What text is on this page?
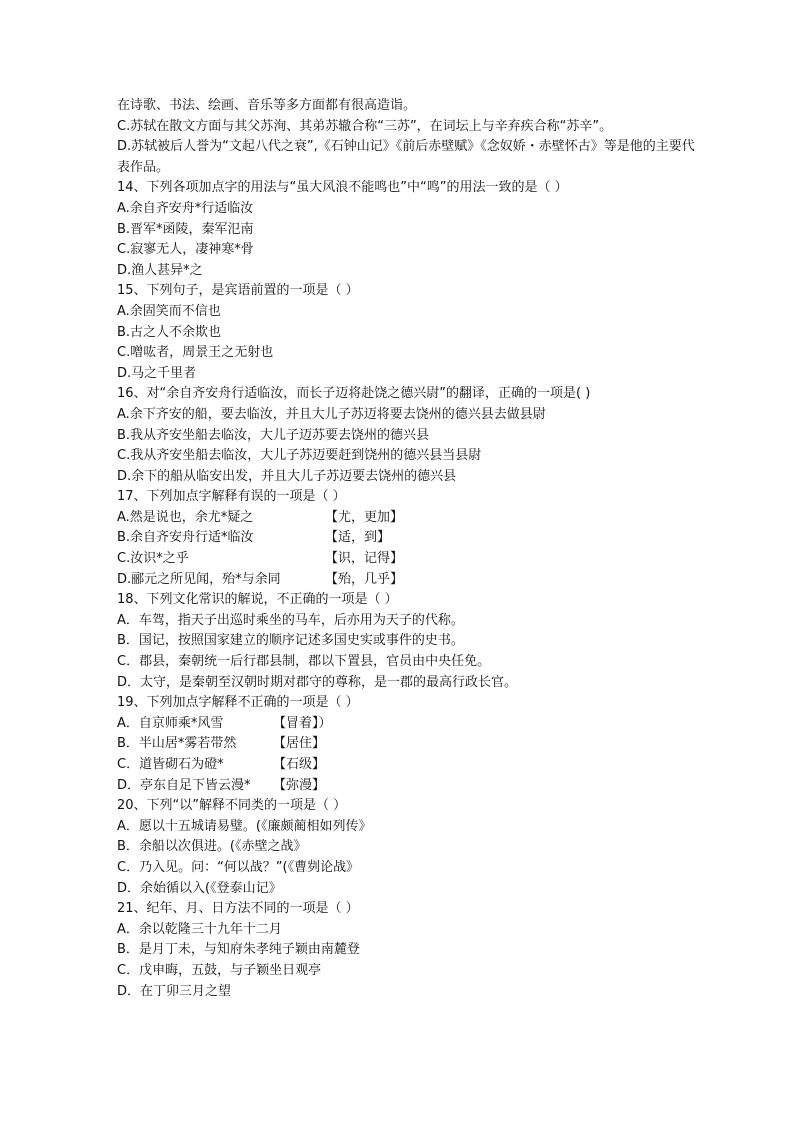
在诗歌、书法、绘画、音乐等多方面都有很高造诣。
C.苏轼在散文方面与其父苏洵、其弟苏辙合称“三苏”，在词坛上与辛弃疾合称“苏辛”。
D.苏轼被后人誉为“文起八代之衰”,《石钟山记》《前后赤壁赋》《念奴娇・赤壁怀古》等是他的主要代表作品。
14、下列各项加点字的用法与“虽大风浪不能鸣也”中“鸣”的用法一致的是（ ）
A.余自齐安舟*行适临汝
B.晋军*函陵，秦军氾南
C.寂寥无人，凄神寒*骨
D.渔人甚异*之
15、下列句子，是宾语前置的一项是（ ）
A.余固笑而不信也
B.古之人不余欺也
C.噌吰者，周景王之无射也
D.马之千里者
16、对“余自齐安舟行适临汝，而长子迈将赴饶之德兴尉”的翻译，正确的一项是( )
A.余下齐安的船，要去临汝，并且大儿子苏迈将要去饶州的德兴县去做县尉
B.我从齐安坐船去临汝，大儿子迈苏要去饶州的德兴县
C.我从齐安坐船去临汝，大儿子苏迈要赶到饶州的德兴县当县尉
D.余下的船从临安出发，并且大儿子苏迈要去饶州的德兴县
17、下列加点字解释有误的一项是（ ）
A.然是说也，余尤*疑之	【尤，更加】
B.余自齐安舟行适*临汝	【适，到】
C.汝识*之乎	【识，记得】
D.郦元之所见闻，殆*与余同	【殆，几乎】
18、下列文化常识的解说，不正确的一项是（ ）
A．车驾，指天子出巡时乘坐的马车，后亦用为天子的代称。
B．国记，按照国家建立的顺序记述多国史实或事件的史书。
C．郡县，秦朝统一后行郡县制，郡以下置县，官员由中央任免。
D．太守，是秦朝至汉朝时期对郡守的尊称，是一郡的最高行政长官。
19、下列加点字解释不正确的一项是（ ）
A．自京师乘*风雪	【冒着】）
B．半山居*雾若带然	【居住】
C．道皆砌石为磴*	【石级】
D．亭东自足下皆云漫*	【弥漫】
20、下列“以”解释不同类的一项是（ ）
A．愿以十五城请易璧。(《廉颇蔺相如列传》
B．余船以次俱进。(《赤壁之战》
C．乃入见。问：“何以战？”(《曹刿论战》
D．余始循以入(《登泰山记》
21、纪年、月、日方法不同的一项是（ ）
A．余以乾隆三十九年十二月
B．是月丁未，与知府朱孝纯子颖由南麓登
C．戊申晦，五鼓，与子颖坐日观亭
D．在丁卯三月之望
